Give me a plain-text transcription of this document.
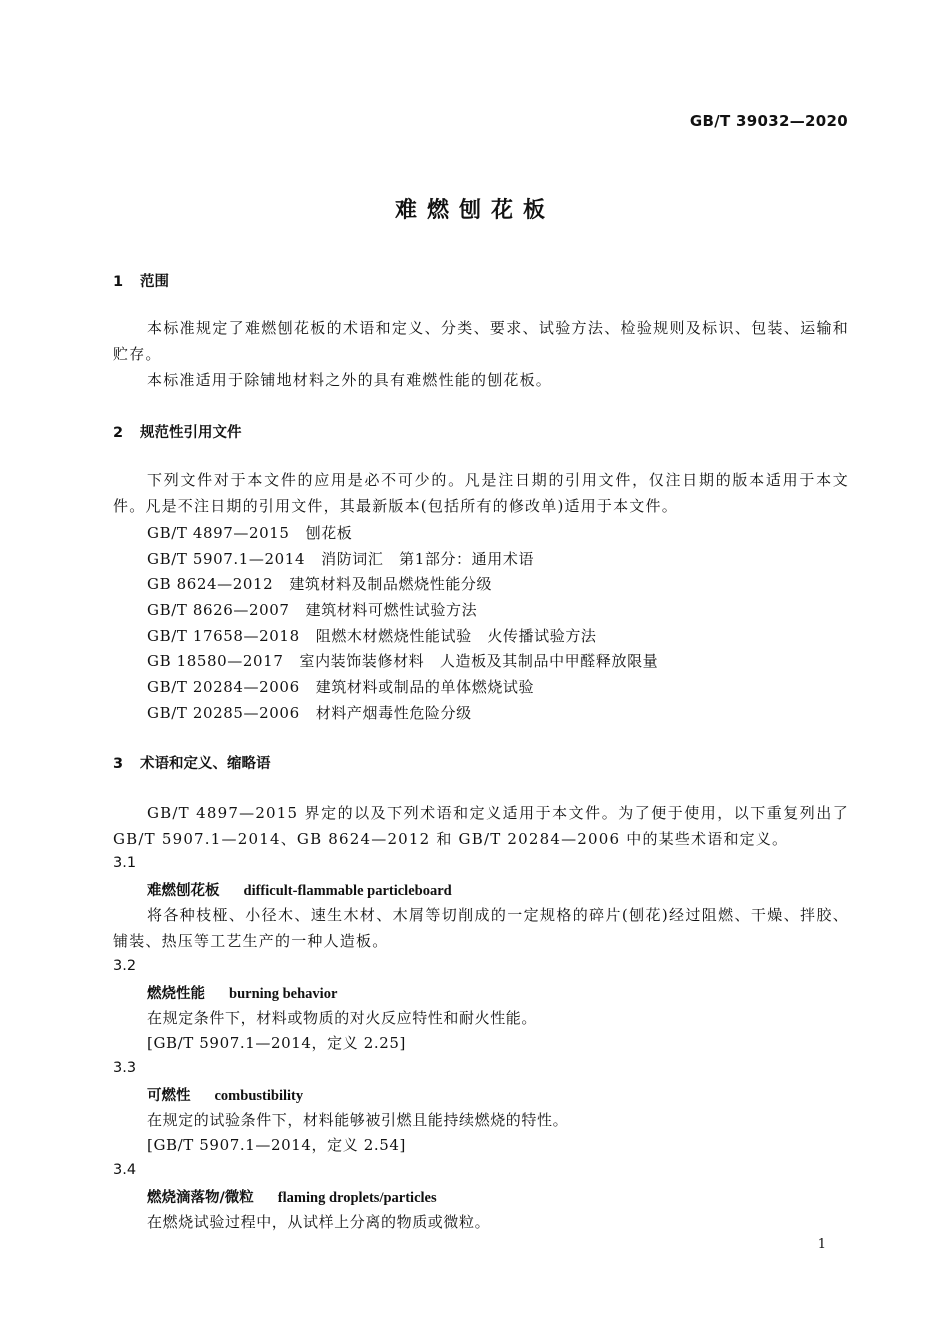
GB/T 39032—2020
难燃刨花板
1 范围
本标准规定了难燃刨花板的术语和定义、分类、要求、试验方法、检验规则及标识、包装、运输和贮存。
本标准适用于除铺地材料之外的具有难燃性能的刨花板。
2 规范性引用文件
下列文件对于本文件的应用是必不可少的。凡是注日期的引用文件，仅注日期的版本适用于本文件。凡是不注日期的引用文件，其最新版本(包括所有的修改单)适用于本文件。
GB/T 4897—2015 刨花板
GB/T 5907.1—2014 消防词汇　第1部分：通用术语
GB 8624—2012 建筑材料及制品燃烧性能分级
GB/T 8626—2007 建筑材料可燃性试验方法
GB/T 17658—2018 阻燃木材燃烧性能试验　火传播试验方法
GB 18580—2017 室内装饰装修材料　人造板及其制品中甲醛释放限量
GB/T 20284—2006 建筑材料或制品的单体燃烧试验
GB/T 20285—2006 材料产烟毒性危险分级
3 术语和定义、缩略语
GB/T 4897—2015 界定的以及下列术语和定义适用于本文件。为了便于使用，以下重复列出了GB/T 5907.1—2014、GB 8624—2012 和 GB/T 20284—2006 中的某些术语和定义。
3.1
难燃刨花板 difficult-flammable particleboard
将各种枝桠、小径木、速生木材、木屑等切削成的一定规格的碎片(刨花)经过阻燃、干燥、拌胶、铺装、热压等工艺生产的一种人造板。
3.2
燃烧性能 burning behavior
在规定条件下，材料或物质的对火反应特性和耐火性能。
[GB/T 5907.1—2014，定义 2.25]
3.3
可燃性 combustibility
在规定的试验条件下，材料能够被引燃且能持续燃烧的特性。
[GB/T 5907.1—2014，定义 2.54]
3.4
燃烧滴落物/微粒 flaming droplets/particles
在燃烧试验过程中，从试样上分离的物质或微粒。
1
